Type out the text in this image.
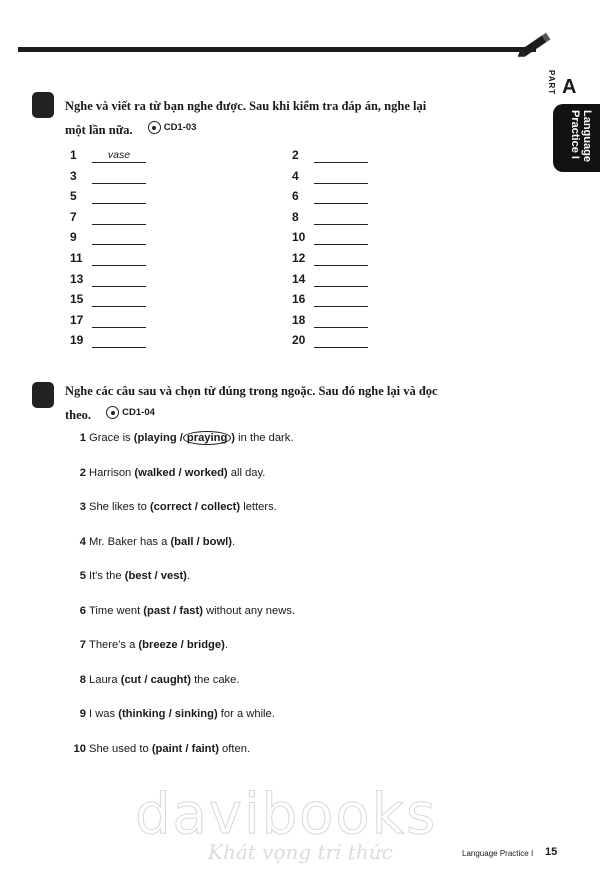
PART A
Language Practice I
Nghe và viết ra từ bạn nghe được. Sau khi kiểm tra đáp án, nghe lại một lần nữa.	CD1-03
1	vase	2
3	4
5	6
7	8
9	10
11	12
13	14
15	16
17	18
19	20
Nghe các câu sau và chọn từ đúng trong ngoặc. Sau đó nghe lại và đọc theo.	CD1-04
1 Grace is (playing / praying ) in the dark.
2 Harrison (walked / worked) all day.
3 She likes to (correct / collect) letters.
4 Mr. Baker has a (ball / bowl).
5 It's the (best / vest).
6 Time went (past / fast) without any news.
7 There's a (breeze / bridge).
8 Laura (cut / caught) the cake.
9 I was (thinking / sinking) for a while.
10 She used to (paint / faint) often.
davibooks
Khát vọng tri thức	Language Practice I 15
